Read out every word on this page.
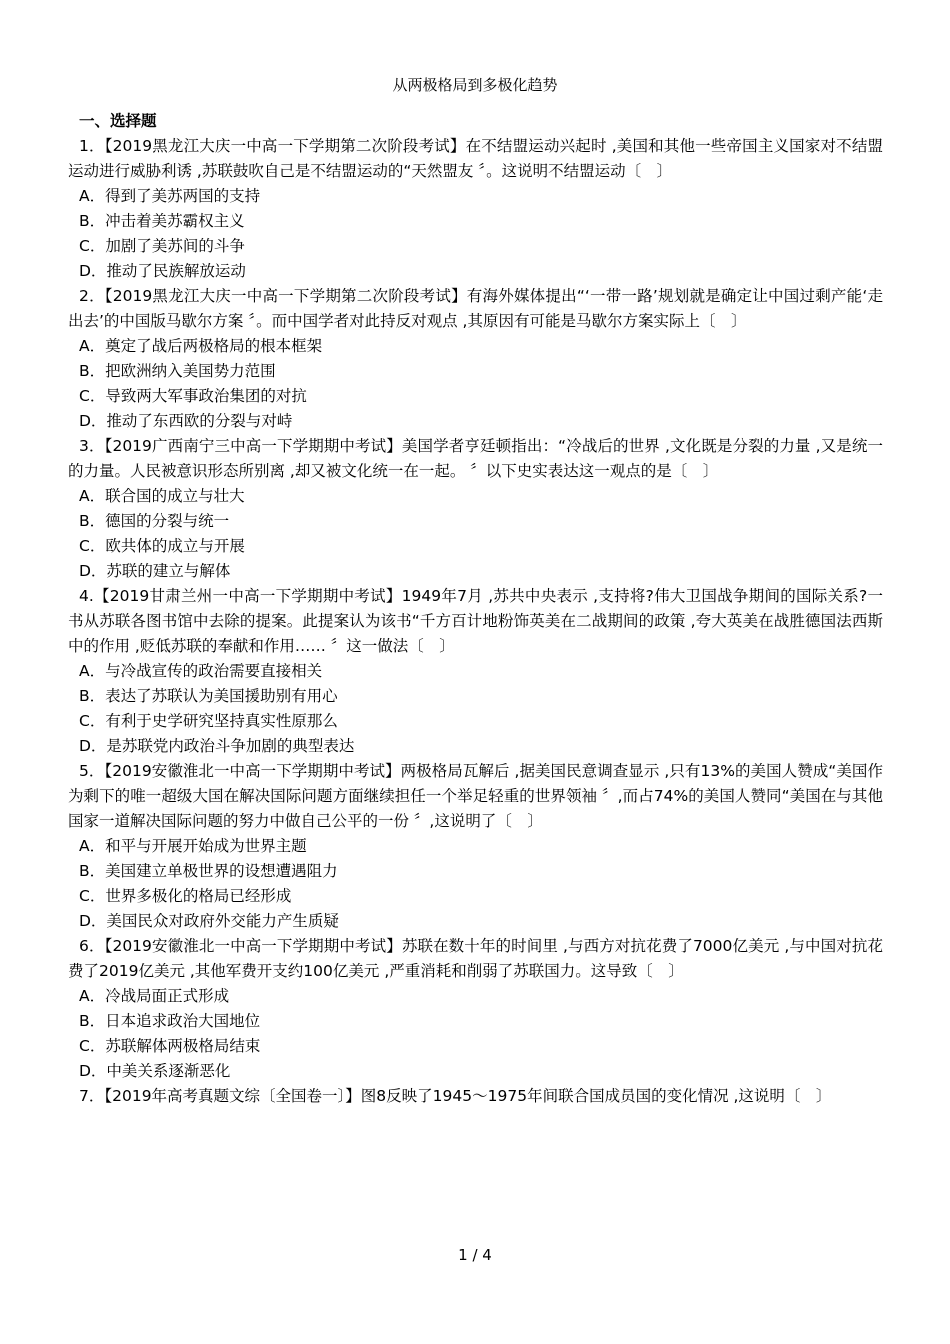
从两极格局到多极化趋势
一、选择题
1．【2019黑龙江大庆一中高一下学期第二次阶段考试】在不结盟运动兴起时 ,美国和其他一些帝国主义国家对不结盟运动进行威胁利诱 ,苏联鼓吹自己是不结盟运动的“天然盟友 〞。这说明不结盟运动〔　〕
A．得到了美苏两国的支持
B．冲击着美苏霸权主义
C．加剧了美苏间的斗争
D．推动了民族解放运动
2．【2019黑龙江大庆一中高一下学期第二次阶段考试】有海外媒体提出“‘一带一路’规划就是确定让中国过剩产能‘走出去’的中国版马歇尔方案 〞。而中国学者对此持反对观点 ,其原因有可能是马歇尔方案实际上〔　〕
A．奠定了战后两极格局的根本框架
B．把欧洲纳入美国势力范围
C．导致两大军事政治集团的对抗
D．推动了东西欧的分裂与对峙
3．【2019广西南宁三中高一下学期期中考试】美国学者亨廷顿指出：“冷战后的世界 ,文化既是分裂的力量 ,又是统一的力量。人民被意识形态所别离 ,却又被文化统一在一起。 〞以下史实表达这一观点的是〔　〕
A．联合国的成立与壮大
B．德国的分裂与统一
C．欧共体的成立与开展
D．苏联的建立与解体
4.【2019甘肃兰州一中高一下学期期中考试】1949年7月 ,苏共中央表示 ,支持将?伟大卫国战争期间的国际关系?一书从苏联各图书馆中去除的提案。此提案认为该书“千方百计地粉饰英美在二战期间的政策 ,夸大英美在战胜德国法西斯中的作用 ,贬低苏联的奉献和作用…… 〞这一做法〔　〕
A．与冷战宣传的政治需要直接相关
B．表达了苏联认为美国援助别有用心
C．有利于史学研究坚持真实性原那么
D．是苏联党内政治斗争加剧的典型表达
5．【2019安徽淮北一中高一下学期期中考试】两极格局瓦解后 ,据美国民意调查显示 ,只有13%的美国人赞成“美国作为剩下的唯一超级大国在解决国际问题方面继续担任一个举足轻重的世界领袖 〞,而占74%的美国人赞同“美国在与其他国家一道解决国际问题的努力中做自己公平的一份 〞,这说明了〔　〕
A．和平与开展开始成为世界主题
B．美国建立单极世界的设想遭遇阻力
C．世界多极化的格局已经形成
D．美国民众对政府外交能力产生质疑
6．【2019安徽淮北一中高一下学期期中考试】苏联在数十年的时间里 ,与西方对抗花费了7000亿美元 ,与中国对抗花费了2019亿美元 ,其他军费开支约100亿美元 ,严重消耗和削弱了苏联国力。这导致〔　〕
A．冷战局面正式形成
B．日本追求政治大国地位
C．苏联解体两极格局结束
D．中美关系逐渐恶化
7．【2019年高考真题文综〔全国卷一〕】图8反映了1945～1975年间联合国成员国的变化情况 ,这说明〔　〕
1 / 4
